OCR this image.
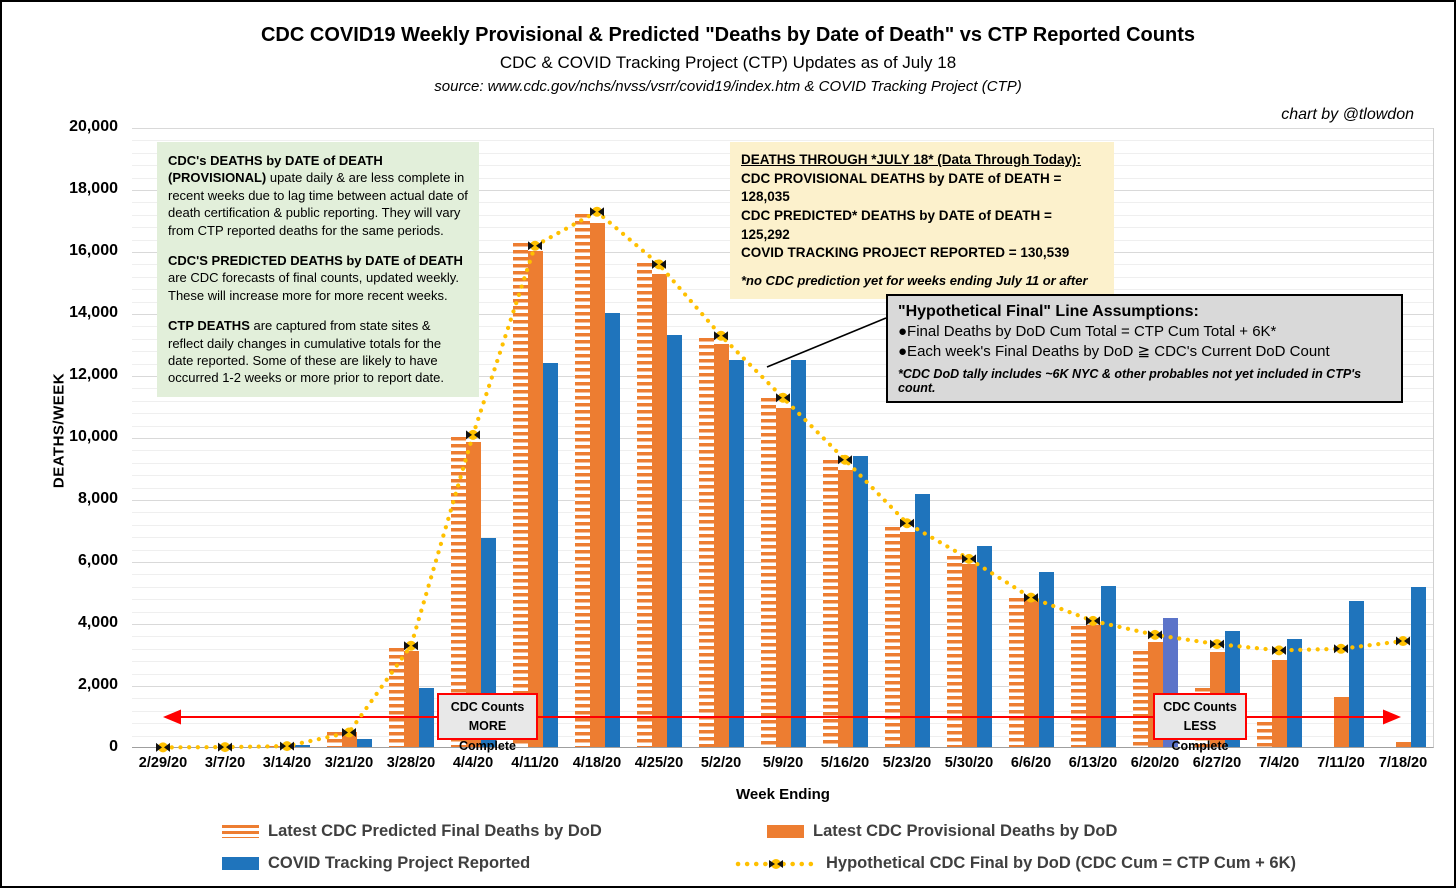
CDC COVID19 Weekly Provisional & Predicted "Deaths by Date of Death" vs CTP Reported Counts
CDC & COVID Tracking Project (CTP) Updates as of July 18
source: www.cdc.gov/nchs/nvss/vsrr/covid19/index.htm & COVID Tracking Project (CTP)
chart by @tlowdon
DEATHS/WEEK
0
2,000
4,000
6,000
8,000
10,000
12,000
14,000
16,000
18,000
20,000
2/29/20	3/7/20	3/14/20 3/21/20 3/28/20	4/4/20	4/11/20 4/18/20 4/25/20	5/2/20	5/9/20	5/16/20 5/23/20 5/30/20	6/6/20	6/13/20 6/20/20 6/27/20	7/4/20	7/11/20 7/18/20
Week Ending

CDC's DEATHS by DATE of DEATH (PROVISIONAL) upate daily & are less complete in recent weeks due to lag time between actual date of death certification & public reporting. They will vary from CTP reported deaths for the same periods.

CDC'S PREDICTED DEATHS by DATE of DEATH are CDC forecasts of final counts, updated weekly. These will increase more for more recent weeks.

CTP DEATHS are captured from state sites & reflect daily changes in cumulative totals for the date reported. Some of these are likely to have occurred 1-2 weeks or more prior to report date.

DEATHS THROUGH *JULY 18* (Data Through Today):
CDC PROVISIONAL DEATHS by DATE of DEATH = 128,035
CDC PREDICTED* DEATHS by DATE of DEATH = 125,292
COVID TRACKING PROJECT REPORTED = 130,539
*no CDC prediction yet for weeks ending July 11 or after
"Hypothetical Final" Line Assumptions:
●Final Deaths by DoD Cum Total = CTP Cum Total + 6K*
●Each week's Final Deaths by DoD ≧ CDC's Current DoD Count
*CDC DoD tally includes ~6K NYC & other probables not yet included in CTP's count.
CDC Counts
MORE Complete
CDC Counts
LESS Complete
Latest CDC Predicted Final Deaths by DoD	Latest CDC Provisional Deaths by DoD
COVID Tracking Project Reported	Hypothetical CDC Final by DoD (CDC Cum = CTP Cum + 6K)
